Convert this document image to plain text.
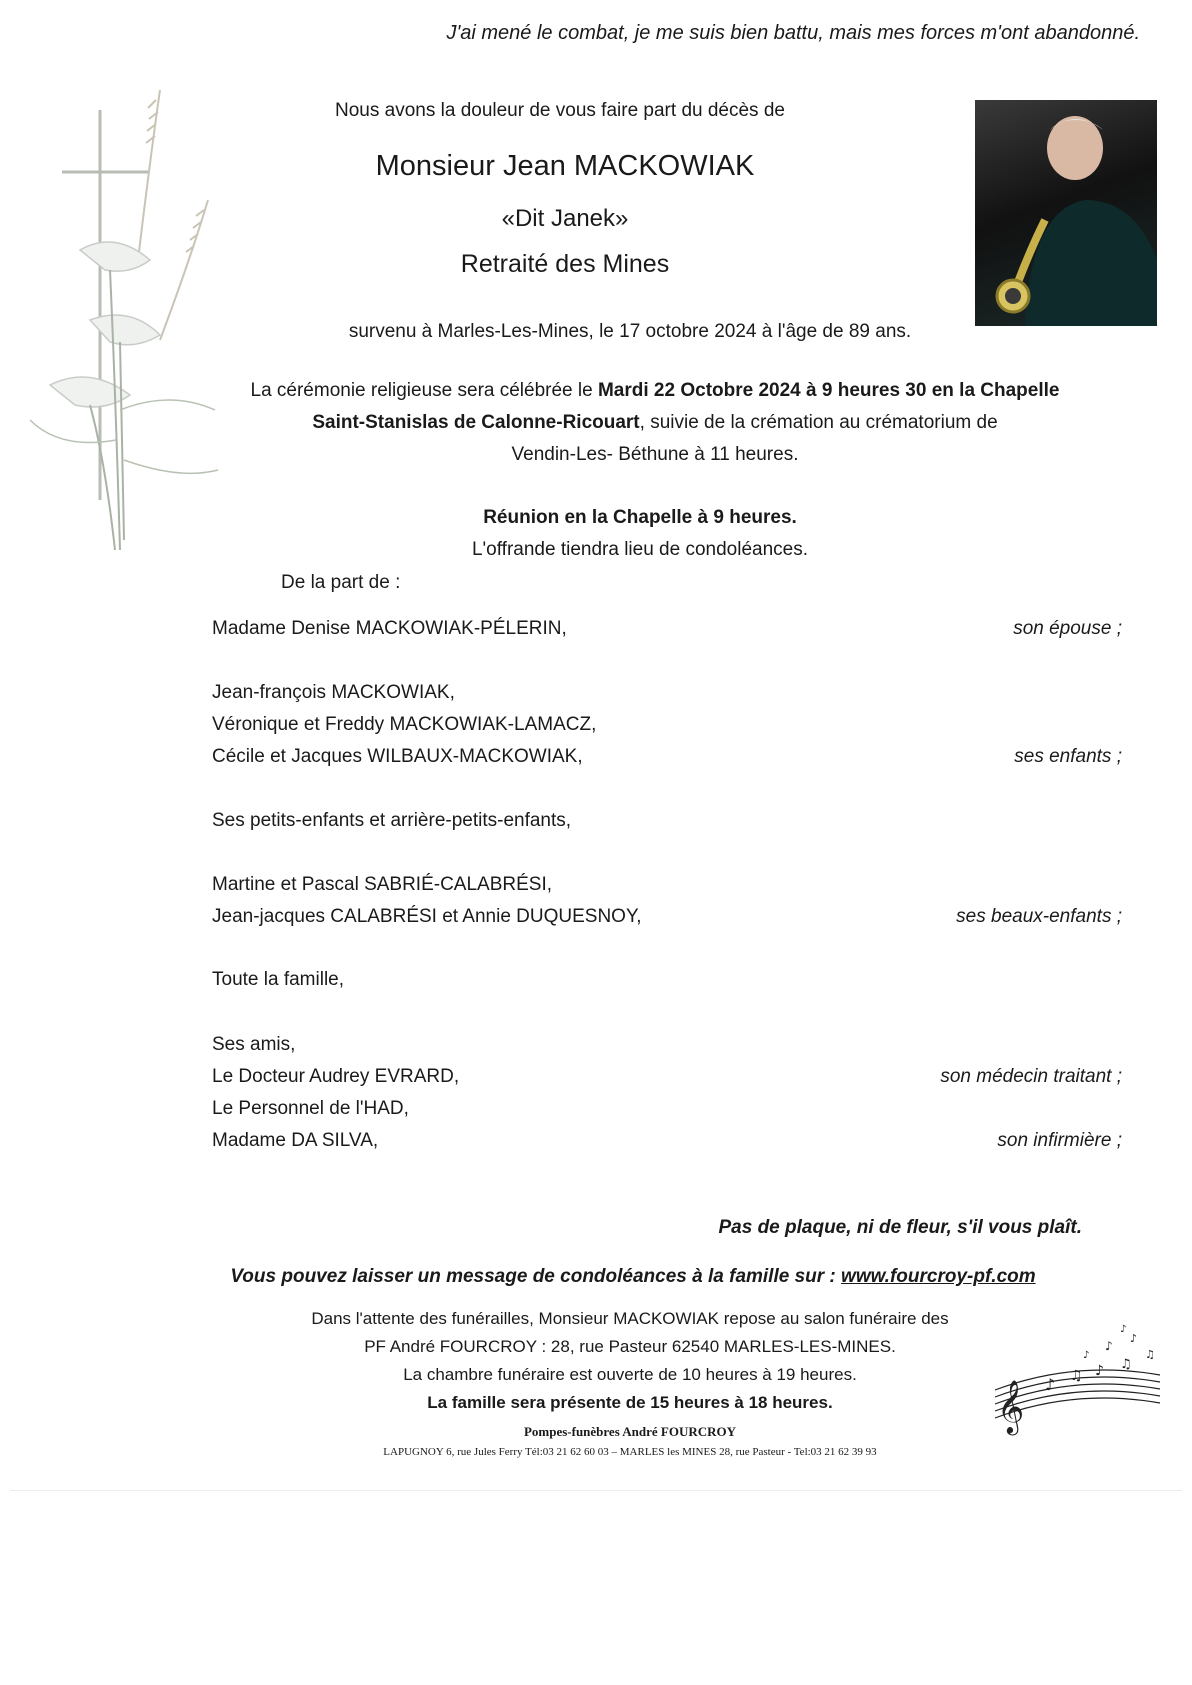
J'ai mené le combat, je me suis bien battu, mais mes forces m'ont abandonné.
Nous avons la douleur de vous faire part du décès de
Monsieur Jean MACKOWIAK
«Dit Janek»
Retraité des Mines
survenu à Marles-Les-Mines, le 17 octobre 2024 à l'âge de 89 ans.
La cérémonie religieuse sera célébrée le Mardi 22 Octobre 2024 à 9 heures 30 en la Chapelle
Saint-Stanislas de Calonne-Ricouart, suivie de la crémation au crématorium de
Vendin-Les- Béthune à 11 heures.
Réunion en la Chapelle à 9 heures.
L'offrande tiendra lieu de condoléances.
De la part de :
Madame Denise MACKOWIAK-PÉLERIN,	son épouse ;
Jean-françois MACKOWIAK,
Véronique et Freddy MACKOWIAK-LAMACZ,
Cécile et Jacques WILBAUX-MACKOWIAK,	ses enfants ;
Ses petits-enfants et arrière-petits-enfants,
Martine et Pascal SABRIÉ-CALABRÉSI,
Jean-jacques CALABRÉSI et Annie DUQUESNOY,	ses beaux-enfants ;
Toute la famille,
Ses amis,
Le Docteur Audrey EVRARD,	son médecin traitant ;
Le Personnel de l'HAD,
Madame DA SILVA,	son infirmière ;
Pas de plaque, ni de fleur, s'il vous plaît.
Vous pouvez laisser un message de condoléances à la famille sur : www.fourcroy-pf.com
Dans l'attente des funérailles, Monsieur MACKOWIAK repose au salon funéraire des
PF André FOURCROY : 28, rue Pasteur 62540 MARLES-LES-MINES.
La chambre funéraire est ouverte de 10 heures à 19 heures.
La famille sera présente de 15 heures à 18 heures.
Pompes-funèbres André FOURCROY
LAPUGNOY 6, rue Jules Ferry Tél:03 21 62 60 03 – MARLES les MINES 28, rue Pasteur - Tel:03 21 62 39 93
𝄞 ♪ ♫ ♪ ♫
♪
♪
♫
♪
♪
